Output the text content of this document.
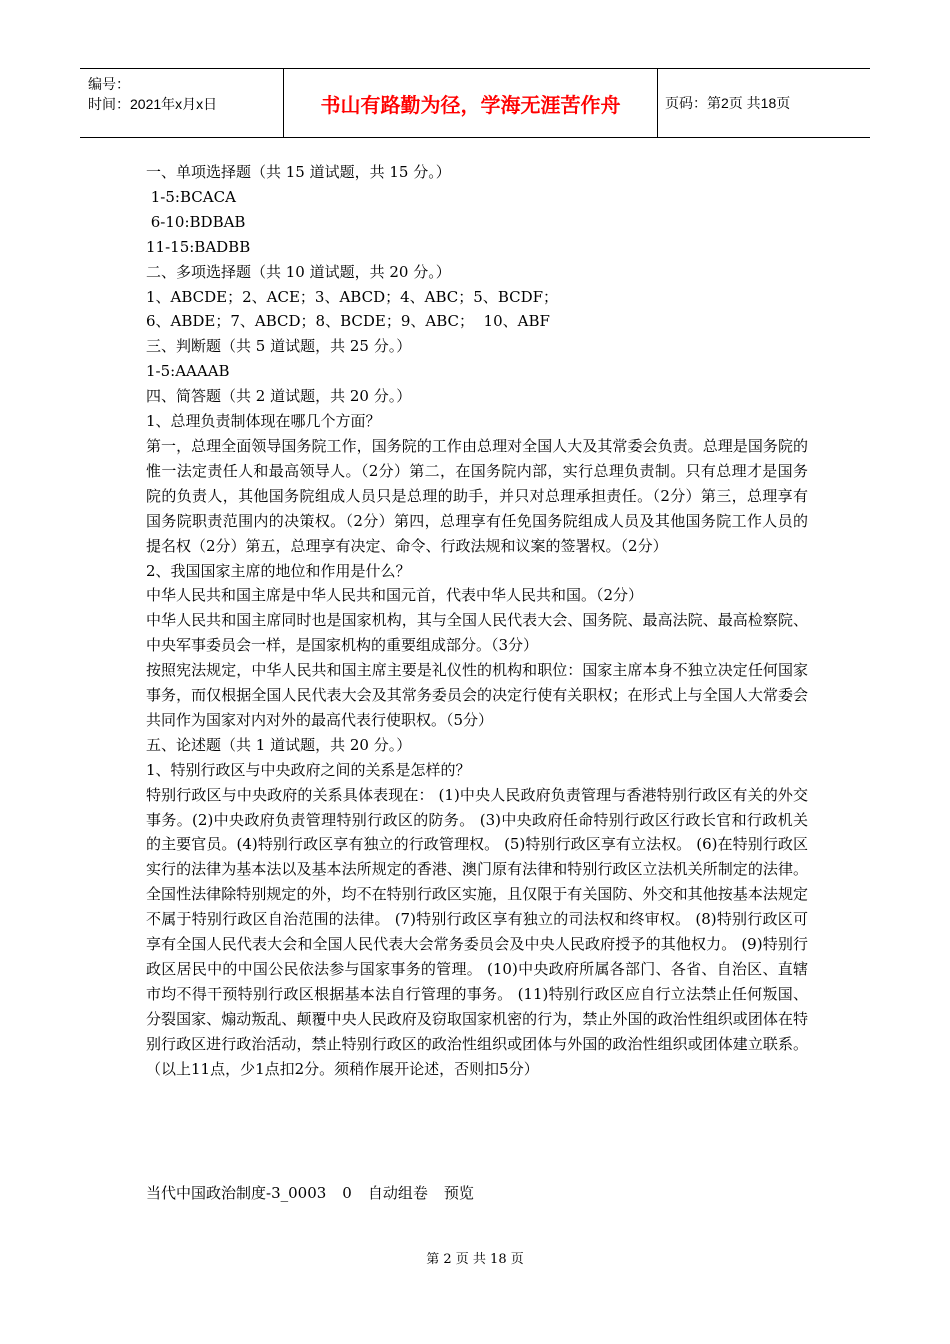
编号：
时间：2021年x月x日	书山有路勤为径，学海无涯苦作舟	页码：第2页 共18页

一、单项选择题（共 15 道试题，共 15 分。）

1-5:BCACA

6-10:BDBAB

11-15:BADBB

二、多项选择题（共 10 道试题，共 20 分。）

1、ABCDE；2、ACE；3、ABCD；4、ABC；5、BCDF；

6、ABDE；7、ABCD；8、BCDE；9、ABC；  10、ABF

三、判断题（共 5 道试题，共 25 分。）

1-5:AAAAB

四、简答题（共 2 道试题，共 20 分。）

1、总理负责制体现在哪几个方面？

第一，总理全面领导国务院工作，国务院的工作由总理对全国人大及其常委会负责。总理是国务院的惟一法定责任人和最高领导人。（2分）第二，在国务院内部，实行总理负责制。只有总理才是国务院的负责人，其他国务院组成人员只是总理的助手，并只对总理承担责任。（2分）第三，总理享有国务院职责范围内的决策权。（2分）第四，总理享有任免国务院组成人员及其他国务院工作人员的提名权（2分）第五，总理享有决定、命令、行政法规和议案的签署权。（2分）

2、我国国家主席的地位和作用是什么？

中华人民共和国主席是中华人民共和国元首，代表中华人民共和国。（2分）

中华人民共和国主席同时也是国家机构，其与全国人民代表大会、国务院、最高法院、最高检察院、中央军事委员会一样，是国家机构的重要组成部分。（3分）

按照宪法规定，中华人民共和国主席主要是礼仪性的机构和职位：国家主席本身不独立决定任何国家事务，而仅根据全国人民代表大会及其常务委员会的决定行使有关职权；在形式上与全国人大常委会共同作为国家对内对外的最高代表行使职权。（5分）

五、论述题（共 1 道试题，共 20 分。）

1、特别行政区与中央政府之间的关系是怎样的？

特别行政区与中央政府的关系具体表现在： (1)中央人民政府负责管理与香港特别行政区有关的外交事务。(2)中央政府负责管理特别行政区的防务。 (3)中央政府任命特别行政区行政长官和行政机关的主要官员。(4)特别行政区享有独立的行政管理权。 (5)特别行政区享有立法权。 (6)在特别行政区实行的法律为基本法以及基本法所规定的香港、澳门原有法律和特别行政区立法机关所制定的法律。全国性法律除特别规定的外，均不在特别行政区实施，且仅限于有关国防、外交和其他按基本法规定不属于特别行政区自治范围的法律。 (7)特别行政区享有独立的司法权和终审权。 (8)特别行政区可享有全国人民代表大会和全国人民代表大会常务委员会及中央人民政府授予的其他权力。 (9)特别行政区居民中的中国公民依法参与国家事务的管理。 (10)中央政府所属各部门、各省、自治区、直辖市均不得干预特别行政区根据基本法自行管理的事务。 (11)特别行政区应自行立法禁止任何叛国、分裂国家、煽动叛乱、颠覆中央人民政府及窃取国家机密的行为，禁止外国的政治性组织或团体在特别行政区进行政治活动，禁止特别行政区的政治性组织或团体与外国的政治性组织或团体建立联系。 （以上11点，少1点扣2分。须稍作展开论述，否则扣5分）

当代中国政治制度-3_0003 0 自动组卷 预览
第 2 页 共 18 页
